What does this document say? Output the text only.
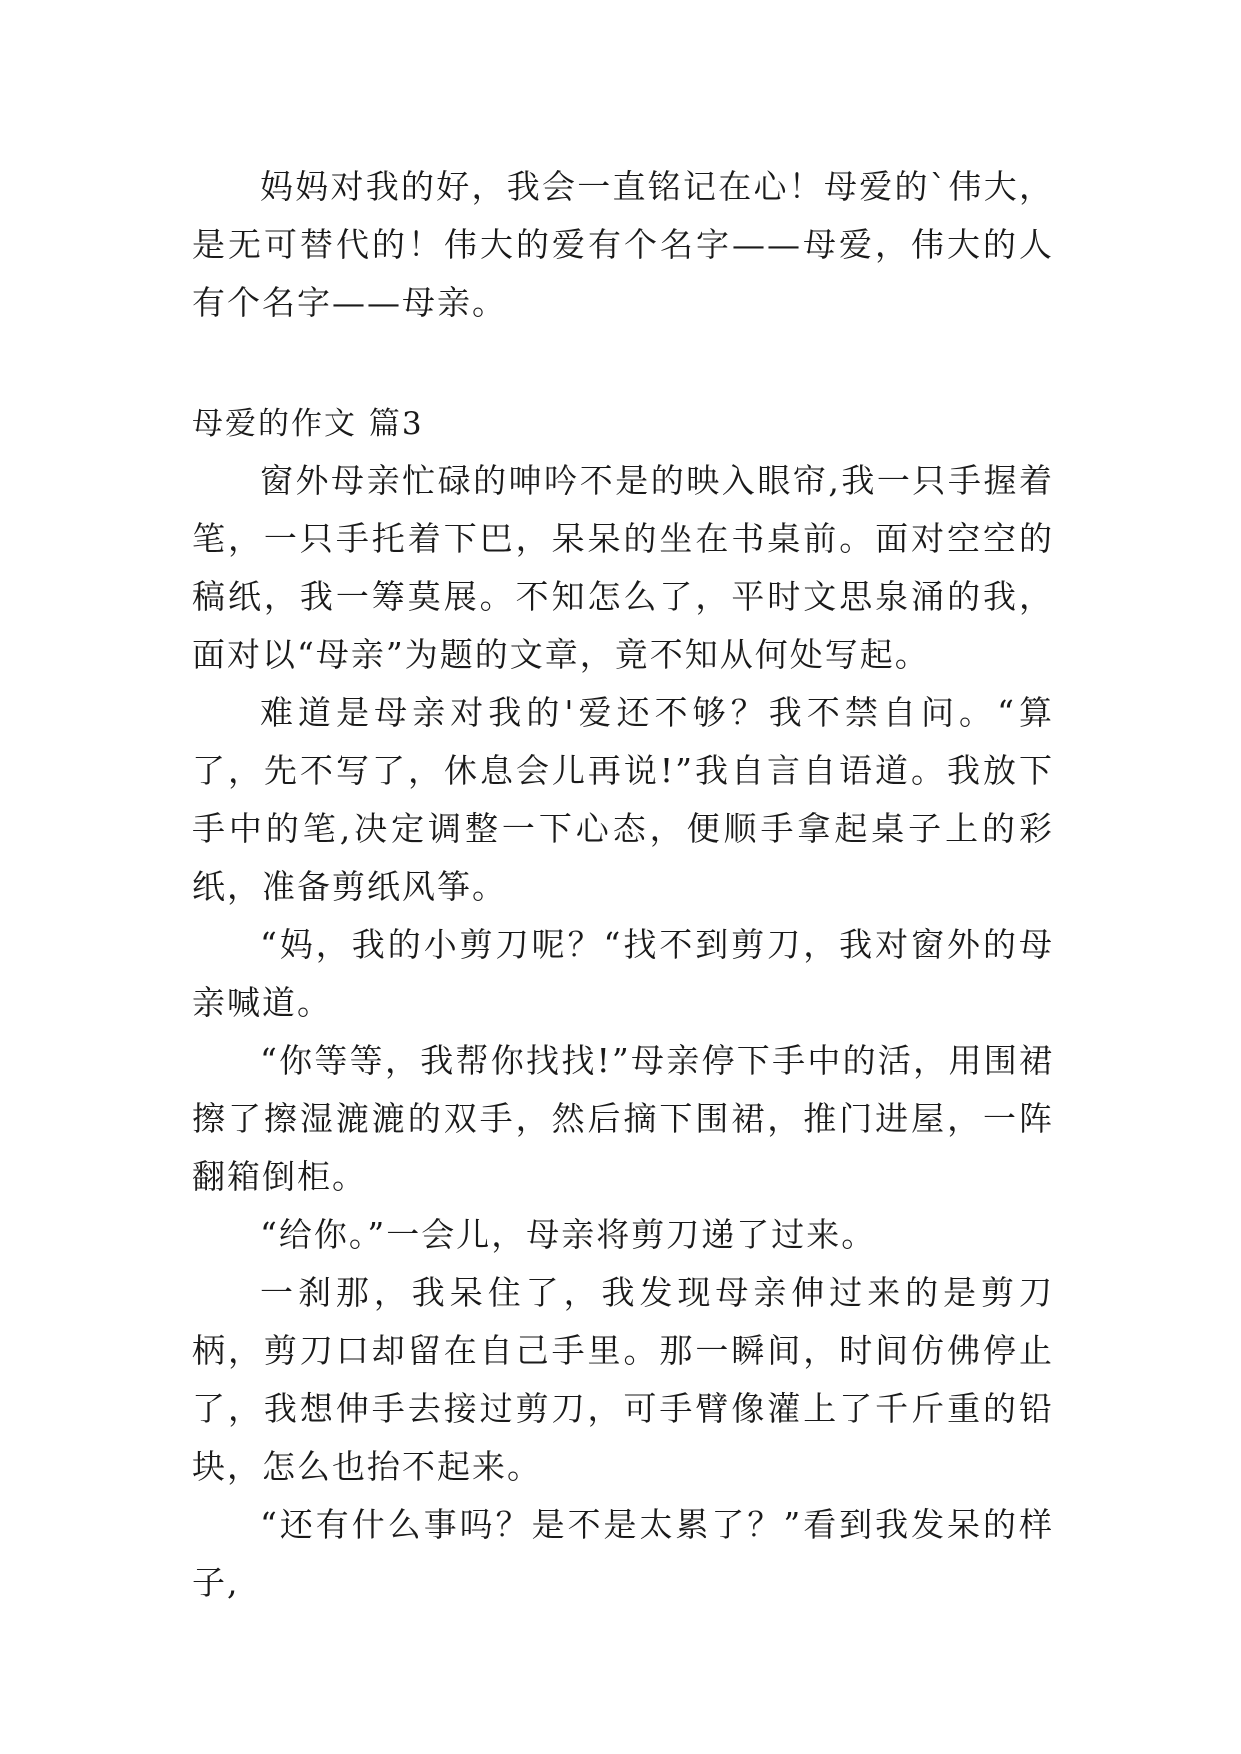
妈妈对我的好，我会一直铭记在心！母爱的`伟大，是无可替代的！伟大的爱有个名字——母爱，伟大的人有个名字——母亲。

母爱的作文 篇3

窗外母亲忙碌的呻吟不是的映入眼帘,我一只手握着笔，一只手托着下巴，呆呆的坐在书桌前。面对空空的稿纸，我一筹莫展。不知怎么了，平时文思泉涌的我，面对以“母亲”为题的文章，竟不知从何处写起。

难道是母亲对我的'爱还不够？我不禁自问。“算了，先不写了，休息会儿再说!”我自言自语道。我放下手中的笔,决定调整一下心态，便顺手拿起桌子上的彩纸，准备剪纸风筝。

“妈，我的小剪刀呢？“找不到剪刀，我对窗外的母亲喊道。

“你等等，我帮你找找!”母亲停下手中的活，用围裙擦了擦湿漉漉的双手，然后摘下围裙，推门进屋，一阵翻箱倒柜。

“给你。”一会儿，母亲将剪刀递了过来。

一刹那，我呆住了，我发现母亲伸过来的是剪刀柄，剪刀口却留在自己手里。那一瞬间，时间仿佛停止了，我想伸手去接过剪刀，可手臂像灌上了千斤重的铅块，怎么也抬不起来。

“还有什么事吗？是不是太累了？”看到我发呆的样子,
